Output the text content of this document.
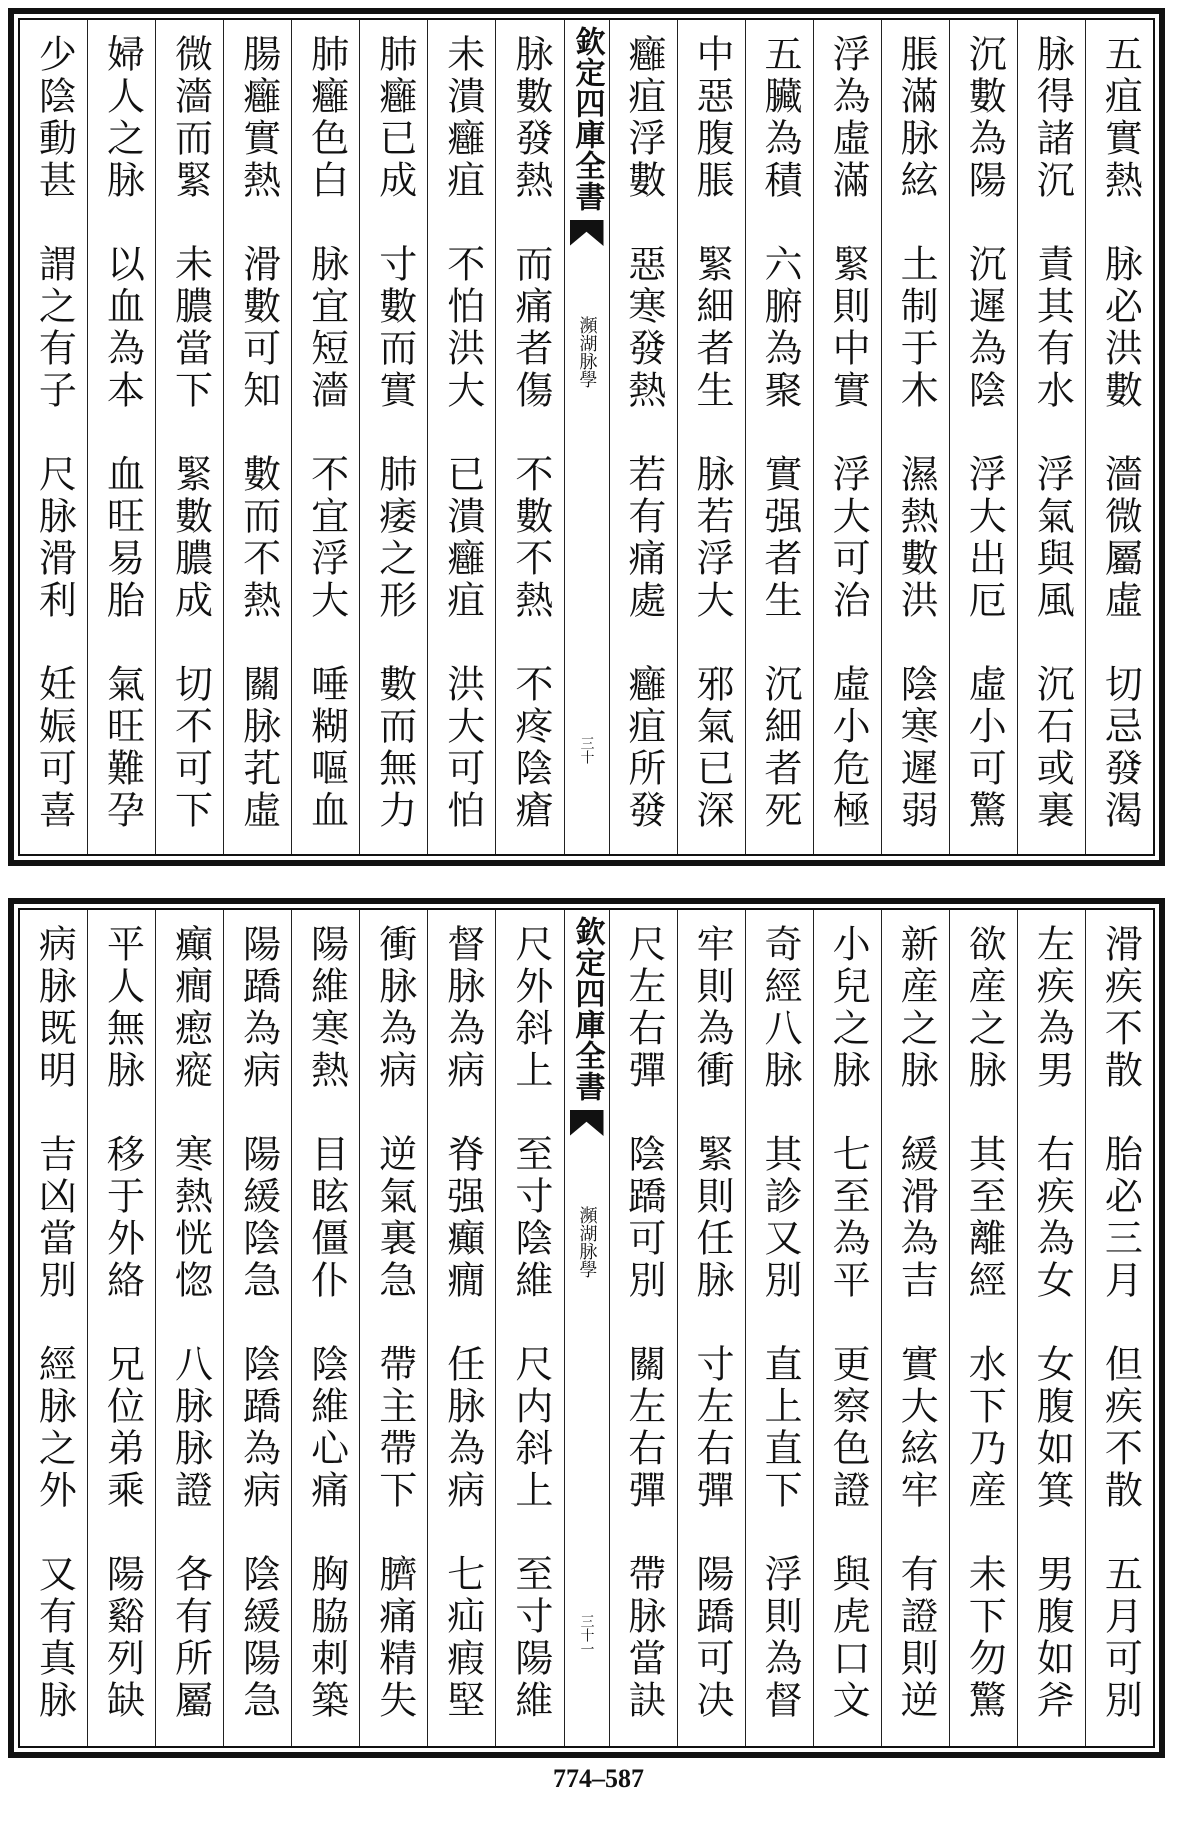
五疽實熱　脉必洪數　濇微屬虛　切忌發渴
脉得諸沉　責其有水　浮氣與風　沉石或裏
沉數為陽　沉遲為陰　浮大出厄　虛小可驚
脹滿脉絃　土制于木　濕熱數洪　陰寒遲弱
浮為虛滿　緊則中實　浮大可治　虛小危極
五臟為積　六腑為聚　實强者生　沉細者死
中惡腹脹　緊細者生　脉若浮大　邪氣已深
癰疽浮數　惡寒發熱　若有痛處　癰疽所發
欽定四庫全書
瀕湖脉學
三十
脉數發熱　而痛者傷　不數不熱　不疼陰瘡
未潰癰疽　不怕洪大　已潰癰疽　洪大可怕
肺癰已成　寸數而實　肺痿之形　數而無力
肺癰色白　脉宜短濇　不宜浮大　唾糊嘔血
腸癰實熱　滑數可知　數而不熱　關脉芤虛
微濇而緊　未膿當下　緊數膿成　切不可下
婦人之脉　以血為本　血旺易胎　氣旺難孕
少陰動甚　謂之有子　尺脉滑利　妊娠可喜
滑疾不散　胎必三月　但疾不散　五月可別
左疾為男　右疾為女　女腹如箕　男腹如斧
欲産之脉　其至離經　水下乃産　未下勿驚
新産之脉　緩滑為吉　實大絃牢　有證則逆
小兒之脉　七至為平　更察色證　與虎口文
奇經八脉　其診又別　直上直下　浮則為督
牢則為衝　緊則任脉　寸左右彈　陽蹻可决
尺左右彈　陰蹻可別　關左右彈　帶脉當訣
欽定四庫全書
瀕湖脉學
三十一
尺外斜上　至寸陰維　尺内斜上　至寸陽維
督脉為病　脊强癲癇　任脉為病　七疝瘕堅
衝脉為病　逆氣裏急　帶主帶下　臍痛精失
陽維寒熱　目眩僵仆　陰維心痛　胸脇刺築
陽蹻為病　陽緩陰急　陰蹻為病　陰緩陽急
癲癎瘛瘲　寒熱恍惚　八脉脉證　各有所屬
平人無脉　移于外絡　兄位弟乘　陽谿列缺
病脉既明　吉凶當別　經脉之外　又有真脉
774–587
